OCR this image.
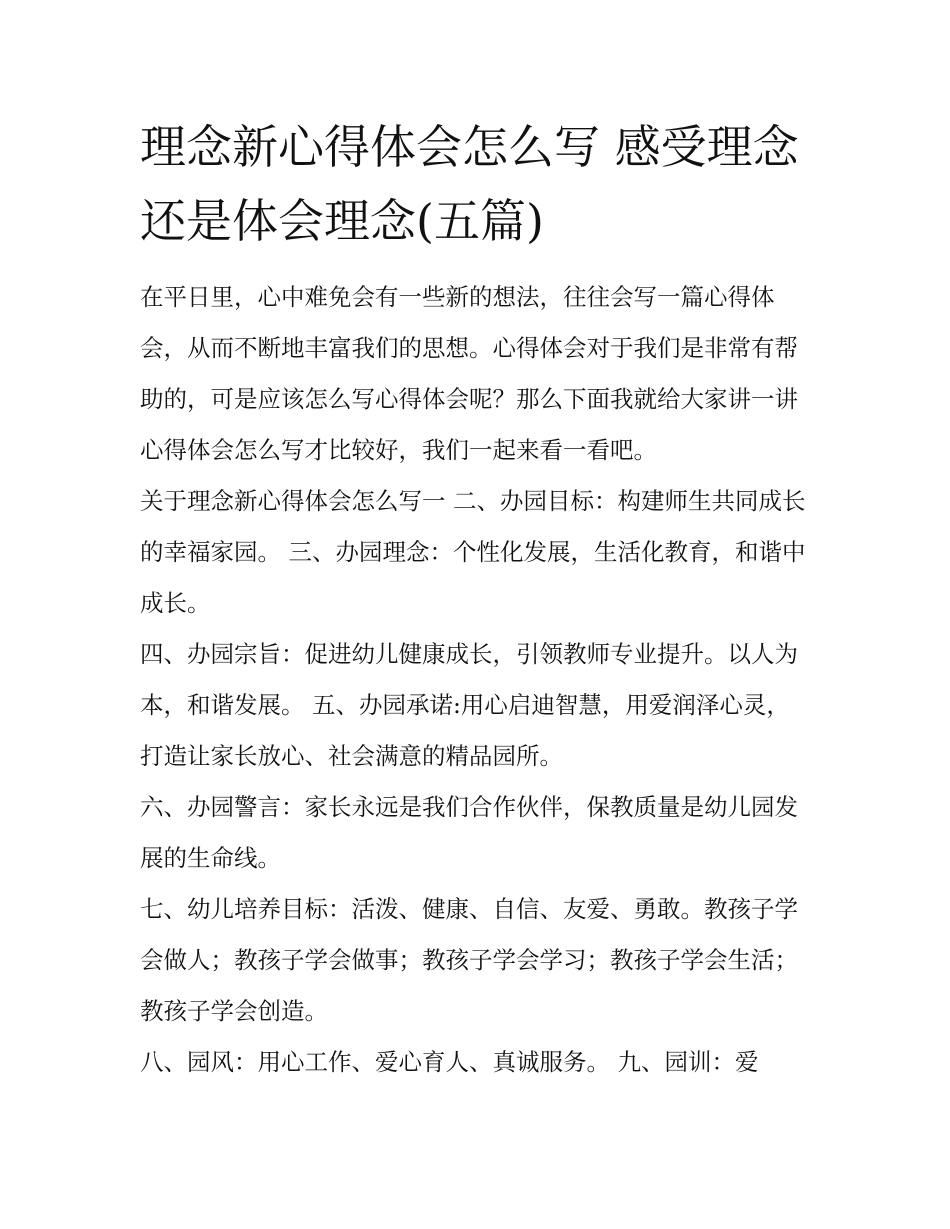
理念新心得体会怎么写 感受理念还是体会理念(五篇)

在平日里，心中难免会有一些新的想法，往往会写一篇心得体会，从而不断地丰富我们的思想。心得体会对于我们是非常有帮助的，可是应该怎么写心得体会呢？那么下面我就给大家讲一讲心得体会怎么写才比较好，我们一起来看一看吧。

关于理念新心得体会怎么写一 二、办园目标：构建师生共同成长的幸福家园。 三、办园理念：个性化发展，生活化教育，和谐中成长。

四、办园宗旨：促进幼儿健康成长，引领教师专业提升。以人为本，和谐发展。 五、办园承诺:用心启迪智慧，用爱润泽心灵，打造让家长放心、社会满意的精品园所。

六、办园警言：家长永远是我们合作伙伴，保教质量是幼儿园发展的生命线。

七、幼儿培养目标：活泼、健康、自信、友爱、勇敢。教孩子学会做人；教孩子学会做事；教孩子学会学习；教孩子学会生活；教孩子学会创造。

八、园风：用心工作、爱心育人、真诚服务。 九、园训：爱
